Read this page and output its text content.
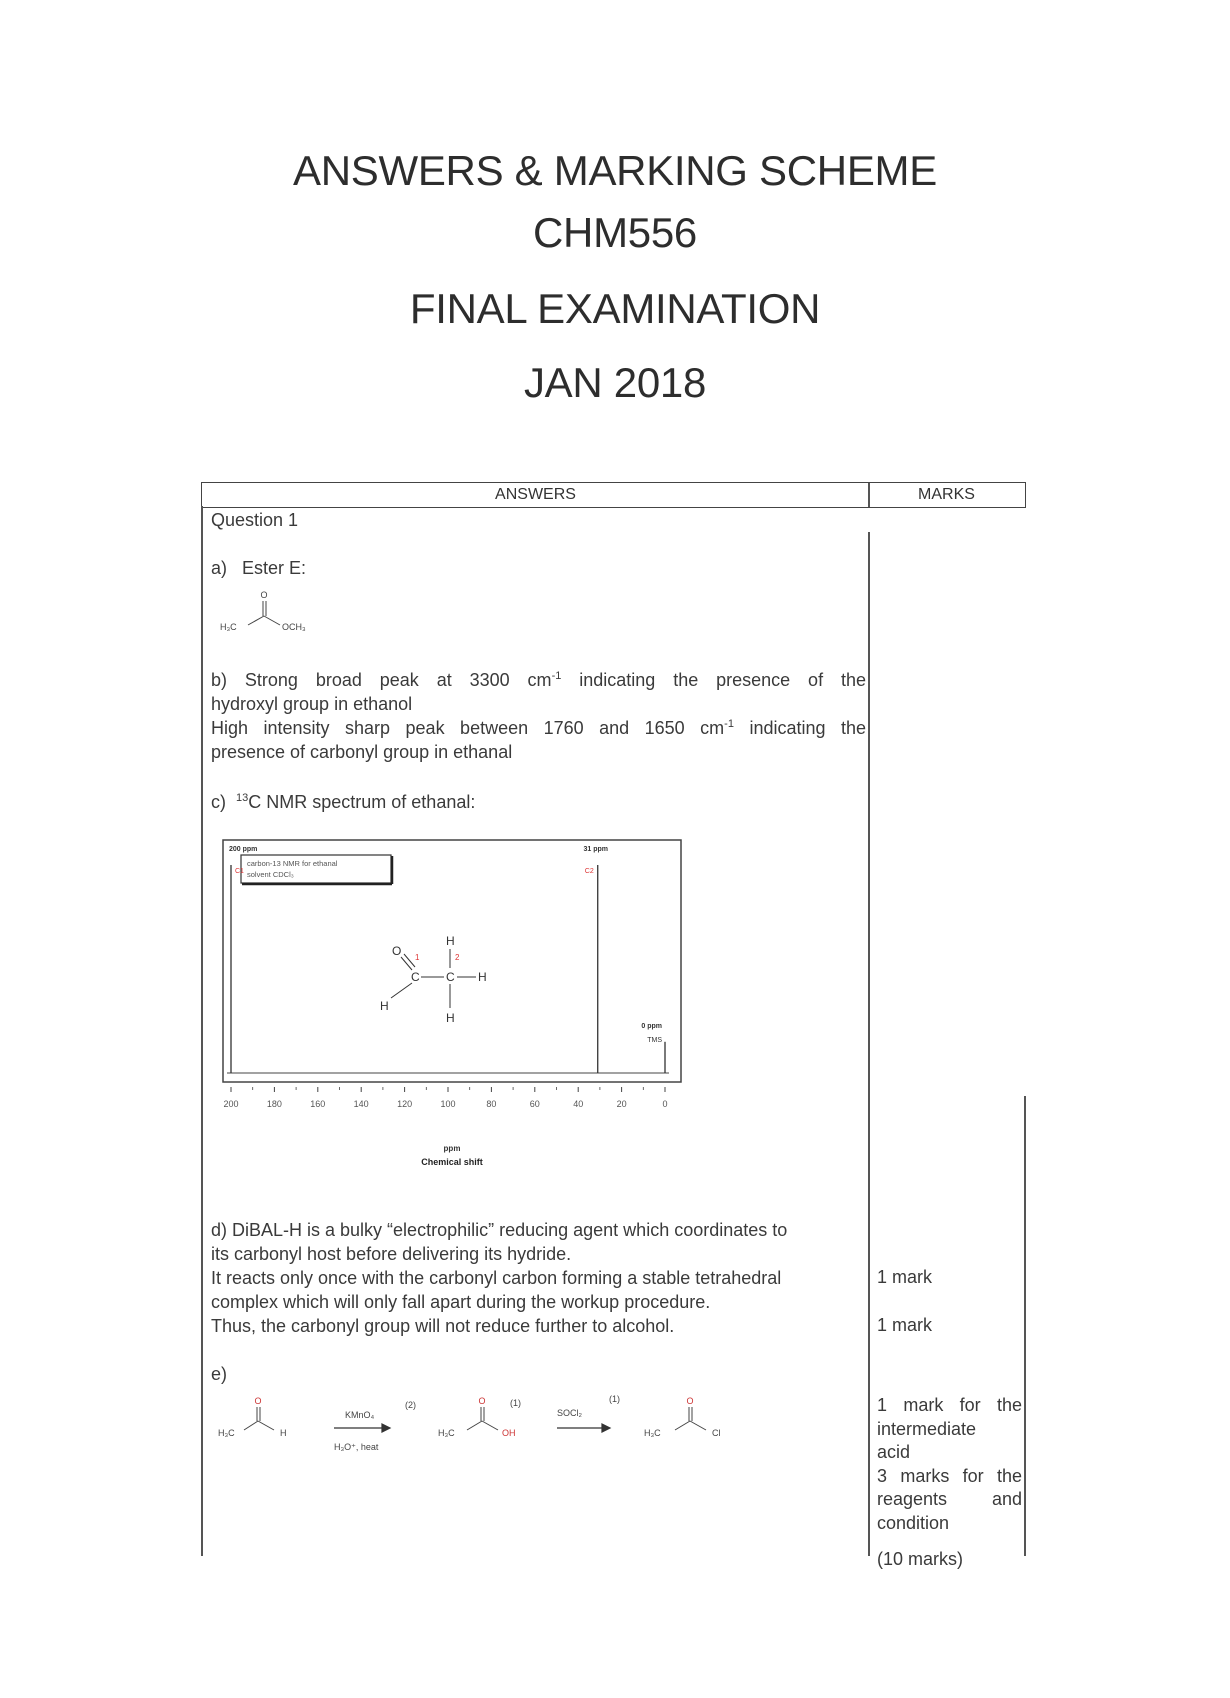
ANSWERS & MARKING SCHEME
CHM556
FINAL EXAMINATION
JAN 2018
ANSWERS	MARKS
Question 1
a) Ester E:
O
H₃C	OCH₃
b) Strong broad peak at 3300 $cm^{-1}$ indicating the presence of the
hydroxyl group in ethanol
High intensity sharp peak between 1760 and 1650 $cm^{-1}$ indicating the
presence of carbonyl group in ethanal
c) $^{13}$C NMR spectrum of ethanal:
carbon-13 NMR for ethanal
solvent CDCl₃
O
C C
H
H
H
H
1	2
200 ppm
C1
31 ppm
C2
0 ppm
TMS
200	180	160	140	120	100	80	60	40	20	0
ppm
Chemical shift
d) DiBAL-H is a bulky “electrophilic” reducing agent which coordinates to
its carbonyl host before delivering its hydride.
It reacts only once with the carbonyl carbon forming a stable tetrahedral
complex which will only fall apart during the workup procedure.
Thus, the carbonyl group will not reduce further to alcohol.
1 mark
1 mark
e)
O
H₃C	H
KMnO₄
(2)
H₃O⁺, heat
O
H₃C	OH
(1)
SOCl₂
(1)	O
H₃C	Cl
1 mark for the
intermediate
acid
3 marks for the
reagents and
condition
(10 marks)
